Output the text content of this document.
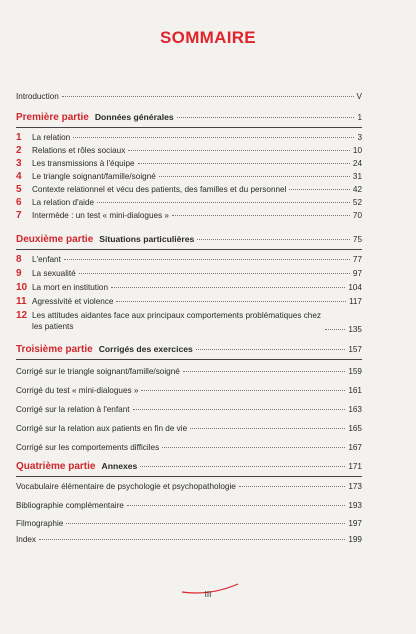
SOMMAIRE
Introduction	V
Première partie Données générales	1
1	La relation	3
2	Relations et rôles sociaux	10
3	Les transmissions à l'équipe	24
4	Le triangle soignant/famille/soigné	31
5	Contexte relationnel et vécu des patients, des familles et du personnel	42
6	La relation d'aide	52
7	Intermède : un test « mini-dialogues »	70
Deuxième partie Situations particulières	75
8	L'enfant	77
9	La sexualité	97
10 La mort en institution	104
11 Agressivité et violence	117
12 Les attitudes aidantes face aux principaux comportements problématiques chez les patients	135
Troisième partie Corrigés des exercices	157
Corrigé sur le triangle soignant/famille/soigné	159
Corrigé du test « mini-dialogues »	161
Corrigé sur la relation à l'enfant	163
Corrigé sur la relation aux patients en fin de vie	165
Corrigé sur les comportements difficiles	167
Quatrième partie Annexes	171
Vocabulaire élémentaire de psychologie et psychopathologie	173
Bibliographie complémentaire	193
Filmographie	197
Index	199
III
